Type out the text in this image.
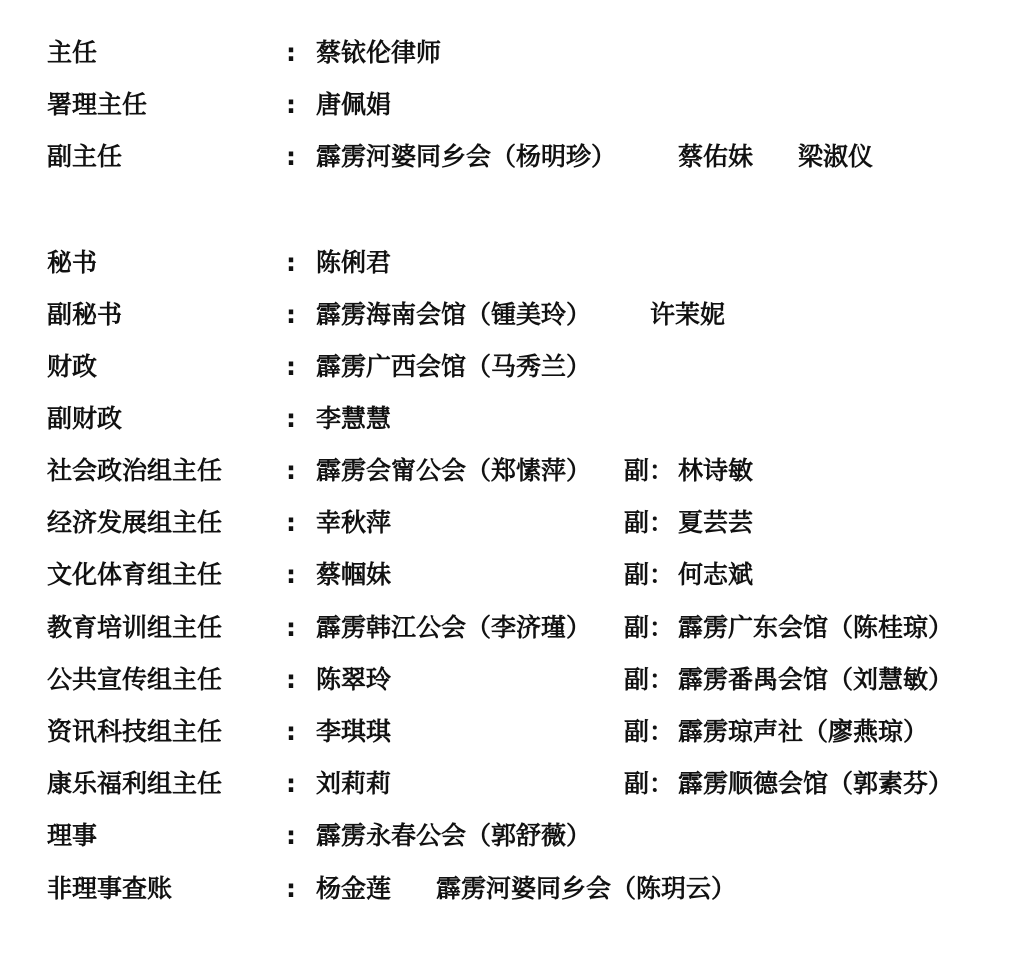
主任	: 蔡铱伦律师
署理主任	: 唐佩娟
副主任	: 霹雳河婆同乡会（杨明珍） 蔡佑妹 梁淑仪
秘书	: 陈俐君
副秘书	: 霹雳海南会馆（锺美玲） 许茉妮
财政	: 霹雳广西会馆（马秀兰）
副财政	: 李慧慧
社会政治组主任	: 霹雳会甯公会（郑愫萍） 副： 林诗敏
经济发展组主任	: 幸秋萍	副： 夏芸芸
文化体育组主任	: 蔡帼妹	副： 何志斌
教育培训组主任	: 霹雳韩江公会（李济瑾） 副： 霹雳广东会馆（陈桂琼）
公共宣传组主任	: 陈翠玲	副： 霹雳番禺会馆（刘慧敏）
资讯科技组主任	: 李琪琪	副： 霹雳琼声社（廖燕琼）
康乐福利组主任	: 刘莉莉	副： 霹雳顺德会馆（郭素芬）
理事	: 霹雳永春公会（郭舒薇）
非理事查账	: 杨金莲 霹雳河婆同乡会（陈玥云）
